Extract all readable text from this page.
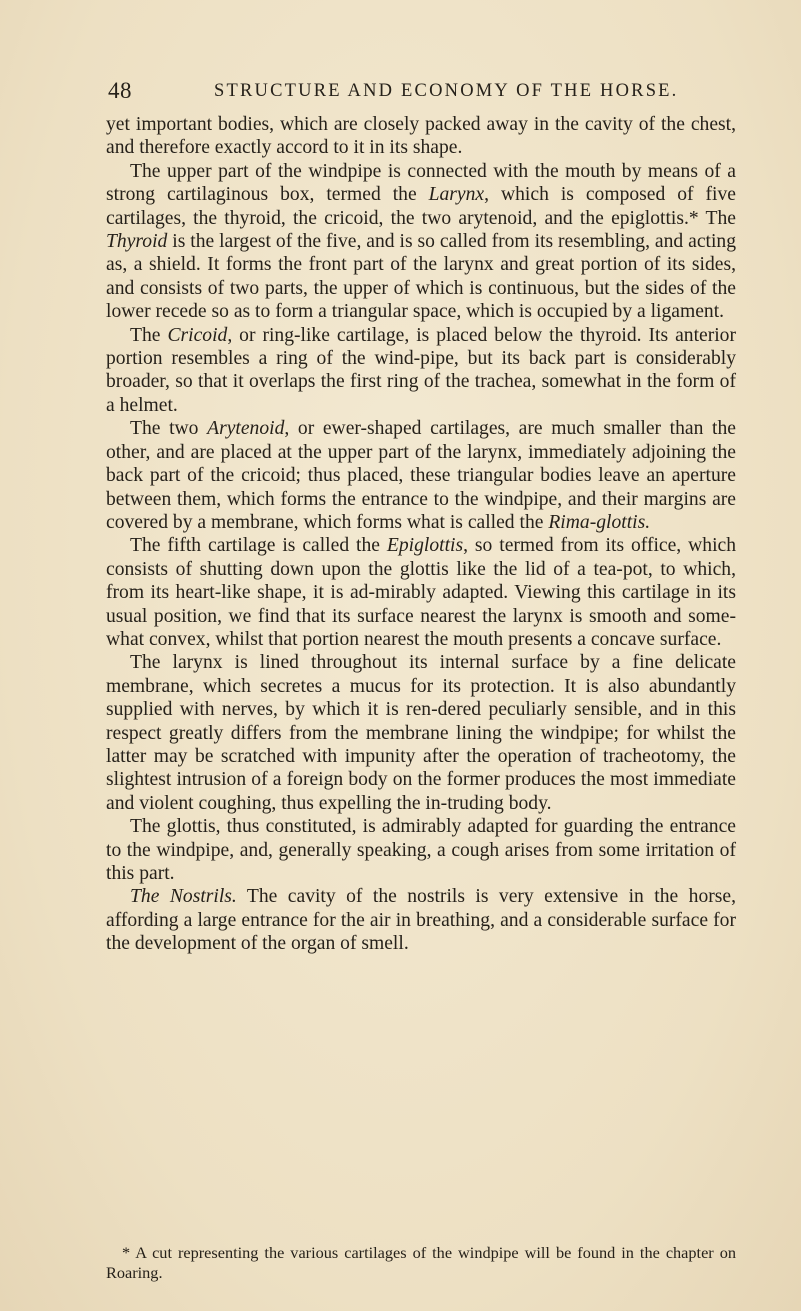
48	STRUCTURE AND ECONOMY OF THE HORSE.

yet important bodies, which are closely packed away in the cavity of the chest, and therefore exactly accord to it in its shape.

The upper part of the windpipe is connected with the mouth by means of a strong cartilaginous box, termed the Larynx, which is composed of five cartilages, the thyroid, the cricoid, the two arytenoid, and the epiglottis.* The Thyroid is the largest of the five, and is so called from its resembling, and acting as, a shield. It forms the front part of the larynx and great portion of its sides, and consists of two parts, the upper of which is continuous, but the sides of the lower recede so as to form a triangular space, which is occupied by a ligament.

The Cricoid, or ring-like cartilage, is placed below the thyroid. Its anterior portion resembles a ring of the wind-pipe, but its back part is considerably broader, so that it overlaps the first ring of the trachea, somewhat in the form of a helmet.

The two Arytenoid, or ewer-shaped cartilages, are much smaller than the other, and are placed at the upper part of the larynx, immediately adjoining the back part of the cricoid; thus placed, these triangular bodies leave an aperture between them, which forms the entrance to the windpipe, and their margins are covered by a membrane, which forms what is called the Rima-glottis.

The fifth cartilage is called the Epiglottis, so termed from its office, which consists of shutting down upon the glottis like the lid of a tea-pot, to which, from its heart-like shape, it is ad-mirably adapted. Viewing this cartilage in its usual position, we find that its surface nearest the larynx is smooth and some-what convex, whilst that portion nearest the mouth presents a concave surface.

The larynx is lined throughout its internal surface by a fine delicate membrane, which secretes a mucus for its protection. It is also abundantly supplied with nerves, by which it is ren-dered peculiarly sensible, and in this respect greatly differs from the membrane lining the windpipe; for whilst the latter may be scratched with impunity after the operation of tracheotomy, the slightest intrusion of a foreign body on the former produces the most immediate and violent coughing, thus expelling the in-truding body.

The glottis, thus constituted, is admirably adapted for guarding the entrance to the windpipe, and, generally speaking, a cough arises from some irritation of this part.

The Nostrils. The cavity of the nostrils is very extensive in the horse, affording a large entrance for the air in breathing, and a considerable surface for the development of the organ of smell.

* A cut representing the various cartilages of the windpipe will be found in the chapter on Roaring.
